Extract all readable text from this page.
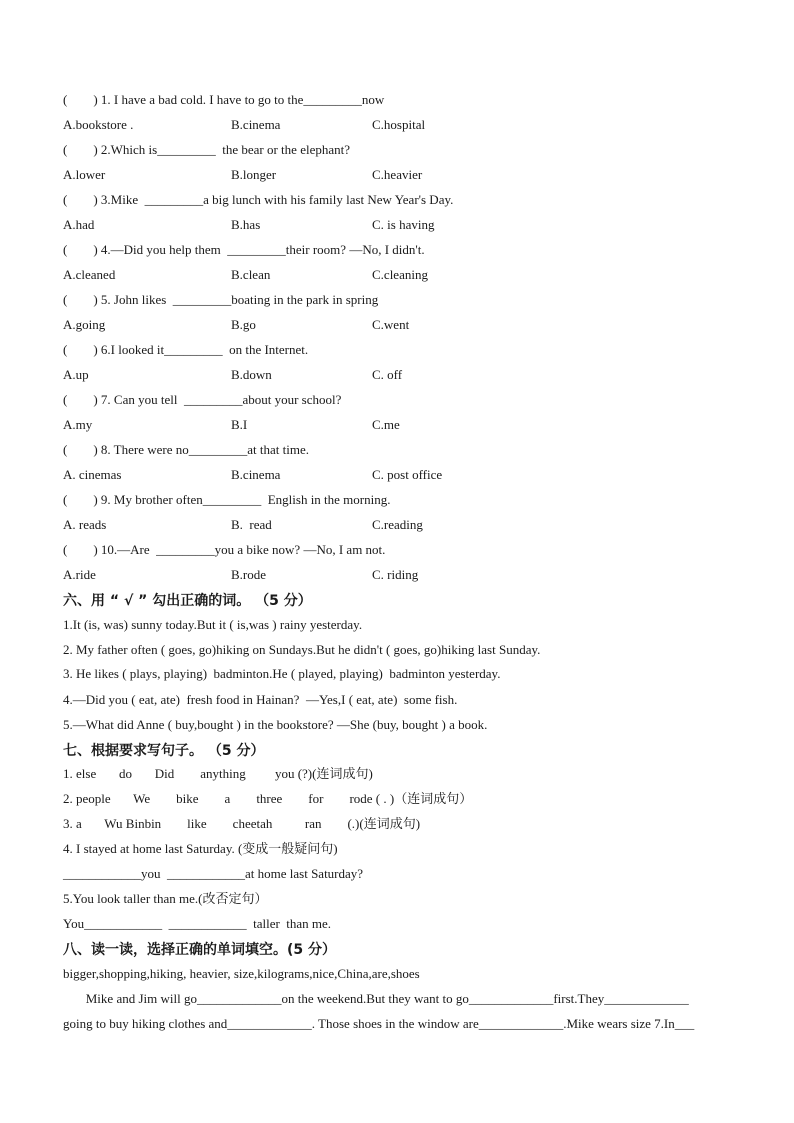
(        ) 1. I have a bad cold. I have to go to the_________now
A.bookstore .	B.cinema	C.hospital
(        ) 2.Which is_________  the bear or the elephant?
A.lower	B.longer	C.heavier
(        ) 3.Mike  _________a big lunch with his family last New Year's Day.
A.had	B.has	C. is having
(        ) 4.—Did you help them  _________their room? —No, I didn't.
A.cleaned	B.clean	C.cleaning
(        ) 5. John likes  _________boating in the park in spring
A.going	B.go	C.went
(        ) 6.I looked it_________  on the Internet.
A.up	B.down	C. off
(        ) 7. Can you tell  _________about your school?
A.my	B.I	C.me
(        ) 8. There were no_________at that time.
A. cinemas	B.cinema	C. post office
(        ) 9. My brother often_________  English in the morning.
A. reads	B.  read	C.reading
(        ) 10.—Are  _________you a bike now? —No, I am not.
A.ride	B.rode	C. riding
六、用 “ √ ” 勾出正确的词。 （5 分）
1.It (is, was) sunny today.But it ( is,was ) rainy yesterday.
2. My father often ( goes, go)hiking on Sundays.But he didn't ( goes, go)hiking last Sunday.
3. He likes ( plays, playing)  badminton.He ( played, playing)  badminton yesterday.
4.—Did you ( eat, ate)  fresh food in Hainan?  —Yes,I ( eat, ate)  some fish.
5.—What did Anne ( buy,bought ) in the bookstore? —She (buy, bought ) a book.
七、根据要求写句子。 （5 分）
1. else       do       Did        anything         you (?)(连词成句)
2. people       We        bike        a        three        for        rode ( . )（连词成句）
3. a       Wu Binbin        like        cheetah          ran        (.)(连词成句)
4. I stayed at home last Saturday. (变成一般疑问句)
____________you  ____________at home last Saturday?
5.You look taller than me.(改否定句）
You____________  ____________  taller  than me.
八、读一读，选择正确的单词填空。(5 分）
bigger,shopping,hiking, heavier, size,kilograms,nice,China,are,shoes
Mike and Jim will go_____________on the weekend.But they want to go_____________first.They_____________
going to buy hiking clothes and_____________. Those shoes in the window are_____________.Mike wears size 7.In___
